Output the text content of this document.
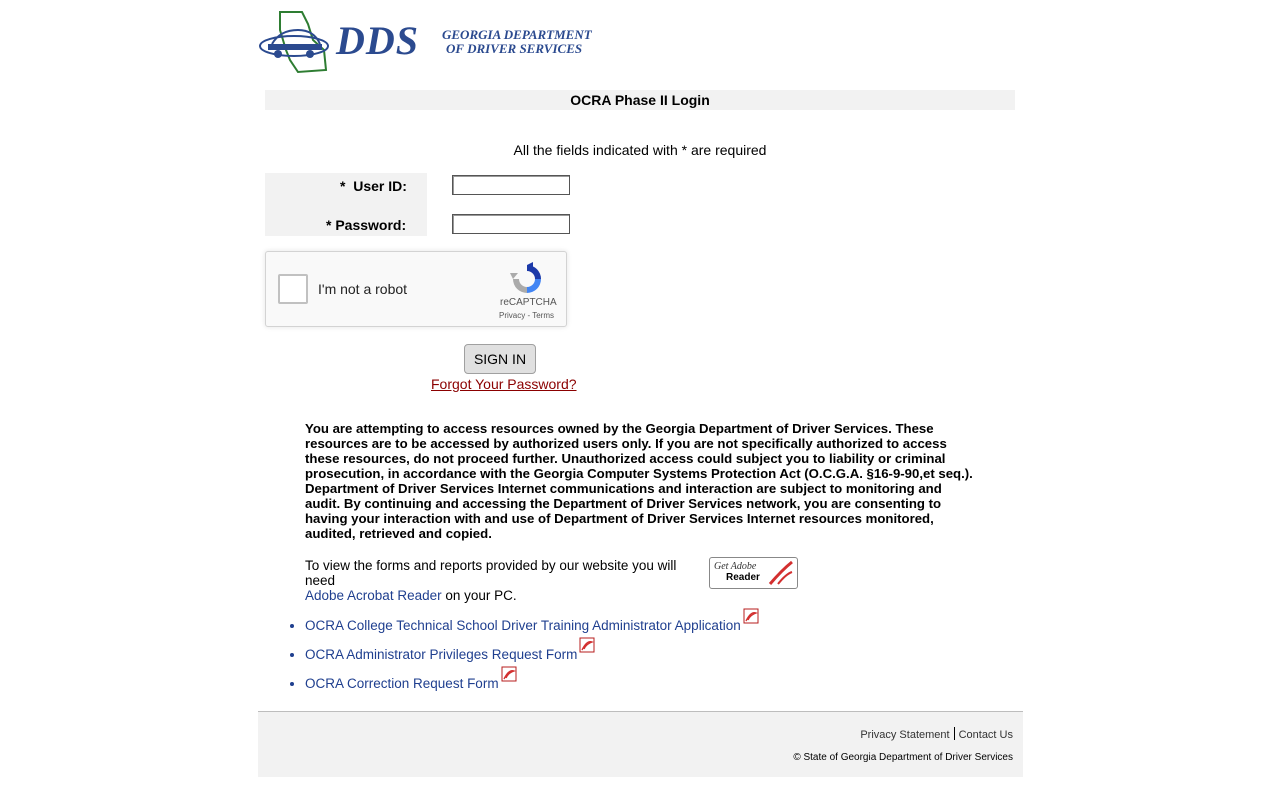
DDS GEORGIA DEPARTMENT
OF DRIVER SERVICES
OCRA Phase II Login
All the fields indicated with * are required
*  User ID:
* Password:
I'm not a robot
reCAPTCHA
Privacy - Terms
SIGN IN
Forgot Your Password?
You are attempting to access resources owned by the Georgia Department of Driver Services. These resources are to be accessed by authorized users only. If you are not specifically authorized to access these resources, do not proceed further. Unauthorized access could subject you to liability or criminal prosecution, in accordance with the Georgia Computer Systems Protection Act (O.C.G.A. §16-9-90,et seq.). Department of Driver Services Internet communications and interaction are subject to monitoring and audit. By continuing and accessing the Department of Driver Services network, you are consenting to having your interaction with and use of Department of Driver Services Internet resources monitored, audited, retrieved and copied.
To view the forms and reports provided by our website you will need
Adobe Acrobat Reader on your PC.
Get Adobe
Reader
• OCRA College Technical School Driver Training Administrator Application
• OCRA Administrator Privileges Request Form
• OCRA Correction Request Form
Privacy Statement Contact Us
© State of Georgia Department of Driver Services
